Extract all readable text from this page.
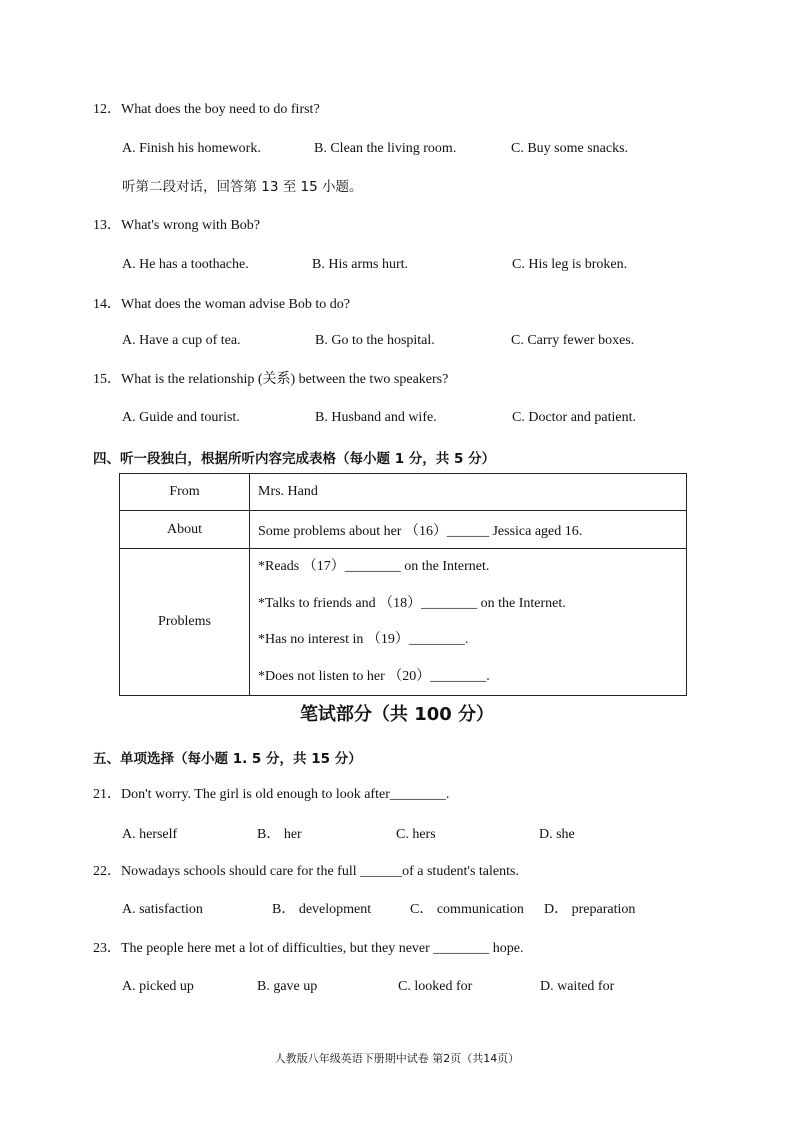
12．What does the boy need to do first?
A. Finish his homework.	B. Clean the living room.	C. Buy some snacks.
听第二段对话，回答第 13 至 15 小题。
13．What's wrong with Bob?
A. He has a toothache.	B. His arms hurt.	C. His leg is broken.
14．What does the woman advise Bob to do?
A. Have a cup of tea.	B. Go to the hospital.	C. Carry fewer boxes.
15．What is the relationship (关系) between the two speakers?
A. Guide and tourist.	B. Husband and wife.	C. Doctor and patient.
四、听一段独白，根据所听内容完成表格（每小题 1 分，共 5 分）
From	Mrs. Hand
About	Some problems about her （16）______ Jessica aged 16.
Problems	*Reads （17）________ on the Internet.
*Talks to friends and （18）________ on the Internet.
*Has no interest in （19）________.
*Does not listen to her （20）________.
笔试部分（共 100 分）
五、单项选择（每小题 1. 5 分，共 15 分）
21．Don't worry. The girl is old enough to look after________.
A. herself	B． her	C. hers	D. she
22．Nowadays schools should care for the full ______of a student's talents.
A. satisfaction	B． development	C． communication D． preparation
23．The people here met a lot of difficulties, but they never ________ hope.
A. picked up	B. gave up	C. looked for	D. waited for
人教版八年级英语下册期中试卷 第2页（共14页）
